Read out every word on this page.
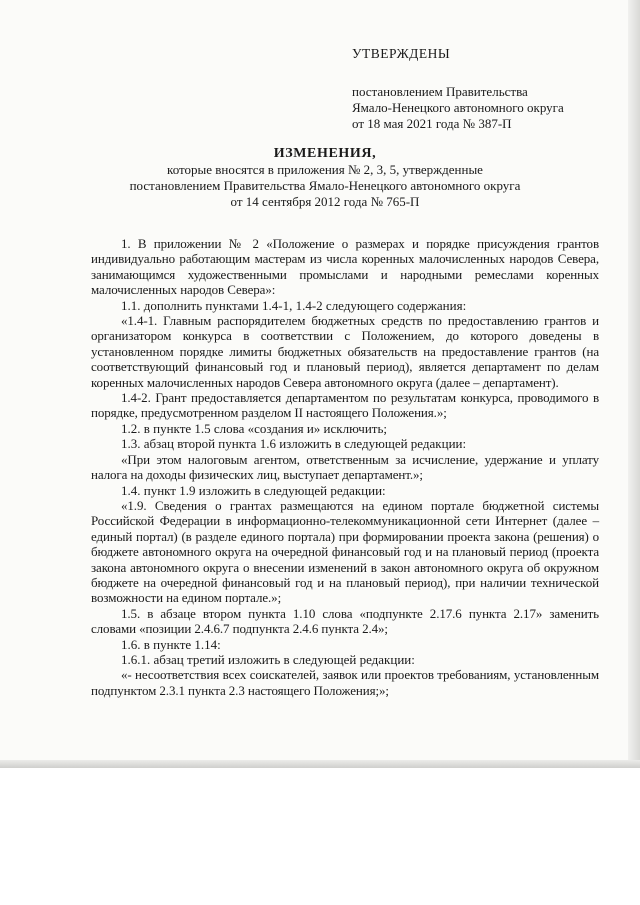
УТВЕРЖДЕНЫ
постановлением Правительства
Ямало-Ненецкого автономного округа
от 18 мая 2021 года № 387-П
ИЗМЕНЕНИЯ,
которые вносятся в приложения № 2, 3, 5, утвержденные
постановлением Правительства Ямало-Ненецкого автономного округа
от 14 сентября 2012 года № 765-П

1. В приложении № 2 «Положение о размерах и порядке присуждения грантов индивидуально работающим мастерам из числа коренных малочисленных народов Севера, занимающимся художественными промыслами и народными ремеслами коренных малочисленных народов Севера»:

1.1. дополнить пунктами 1.4-1, 1.4-2 следующего содержания:

«1.4-1. Главным распорядителем бюджетных средств по предоставлению грантов и организатором конкурса в соответствии с Положением, до которого доведены в установленном порядке лимиты бюджетных обязательств на предоставление грантов (на соответствующий финансовый год и плановый период), является департамент по делам коренных малочисленных народов Севера автономного округа (далее – департамент).

1.4-2. Грант предоставляется департаментом по результатам конкурса, проводимого в порядке, предусмотренном разделом II настоящего Положения.»;

1.2. в пункте 1.5 слова «создания и» исключить;

1.3. абзац второй пункта 1.6 изложить в следующей редакции:

«При этом налоговым агентом, ответственным за исчисление, удержание и уплату налога на доходы физических лиц, выступает департамент.»;

1.4. пункт 1.9 изложить в следующей редакции:

«1.9. Сведения о грантах размещаются на едином портале бюджетной системы Российской Федерации в информационно-телекоммуникационной сети Интернет (далее – единый портал) (в разделе единого портала) при формировании проекта закона (решения) о бюджете автономного округа на очередной финансовый год и на плановый период (проекта закона автономного округа о внесении изменений в закон автономного округа об окружном бюджете на очередной финансовый год и на плановый период), при наличии технической возможности на едином портале.»;

1.5. в абзаце втором пункта 1.10 слова «подпункте 2.17.6 пункта 2.17» заменить словами «позиции 2.4.6.7 подпункта 2.4.6 пункта 2.4»;

1.6. в пункте 1.14:

1.6.1. абзац третий изложить в следующей редакции:

«- несоответствия всех соискателей, заявок или проектов требованиям, установленным подпунктом 2.3.1 пункта 2.3 настоящего Положения;»;
